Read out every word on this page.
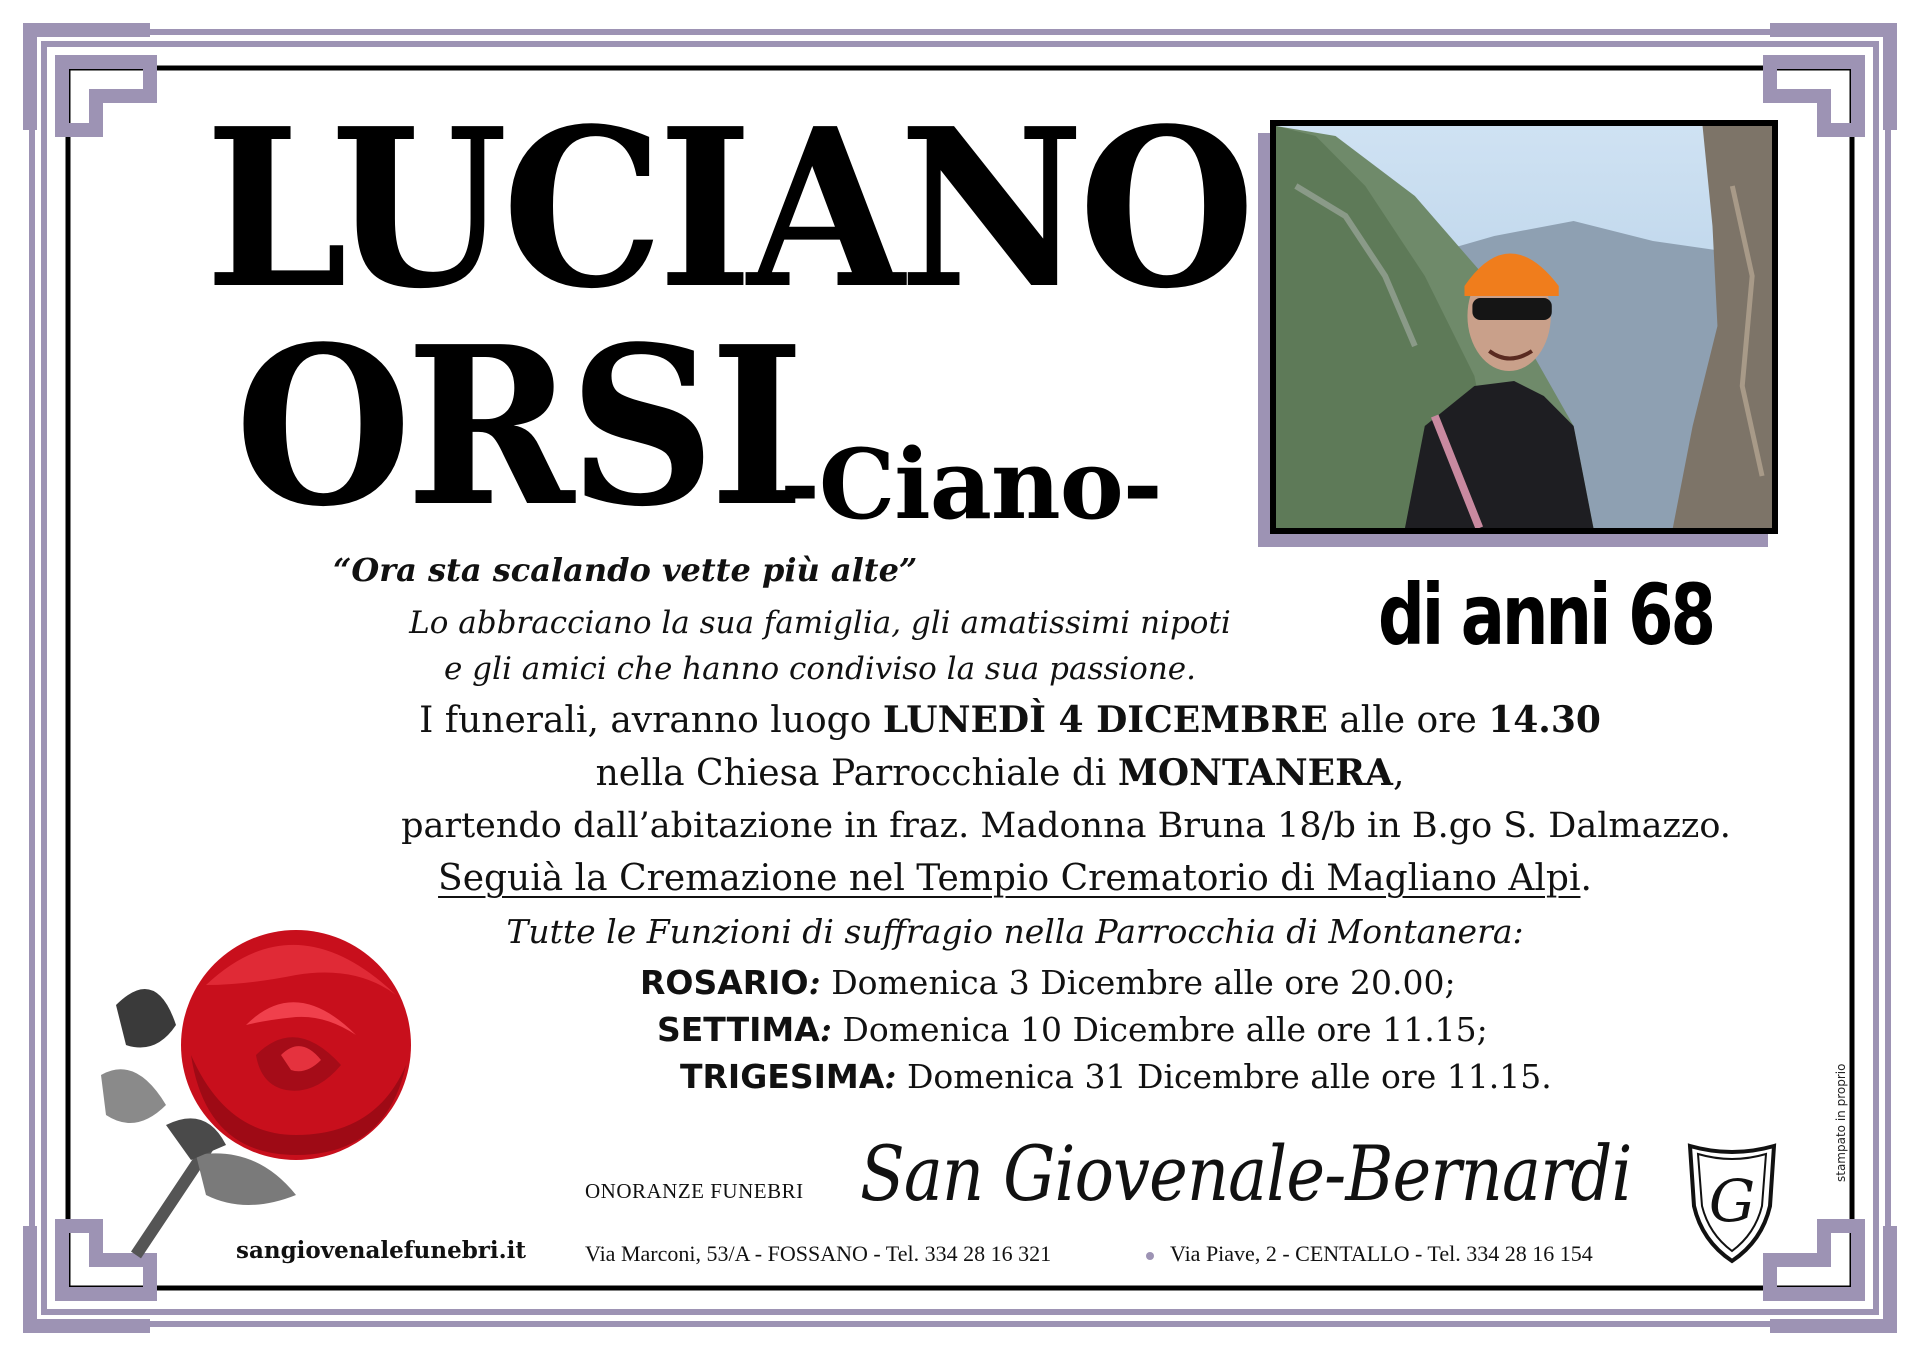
LUCIANO
ORSI
-Ciano-
di anni 68
“Ora sta scalando vette più alte”
Lo abbracciano la sua famiglia, gli amatissimi nipoti
e gli amici che hanno condiviso la sua passione.
I funerali, avranno luogo LUNEDÌ 4 DICEMBRE alle ore 14.30
nella Chiesa Parrocchiale di MONTANERA,
partendo dall’abitazione in fraz. Madonna Bruna 18/b in B.go S. Dalmazzo.
Seguià la Cremazione nel Tempio Crematorio di Magliano Alpi.
Tutte le Funzioni di suffragio nella Parrocchia di Montanera:
ROSARIO: Domenica 3 Dicembre alle ore 20.00;
SETTIMA: Domenica 10 Dicembre alle ore 11.15;
TRIGESIMA: Domenica 31 Dicembre alle ore 11.15.	stampato in proprio
sangiovenalefunebri.it
ONORANZE FUNEBRI San Giovenale-Bernardi G
Via Marconi, 53/A - FOSSANO - Tel. 334 28 16 321	Via Piave, 2 - CENTALLO - Tel. 334 28 16 154
